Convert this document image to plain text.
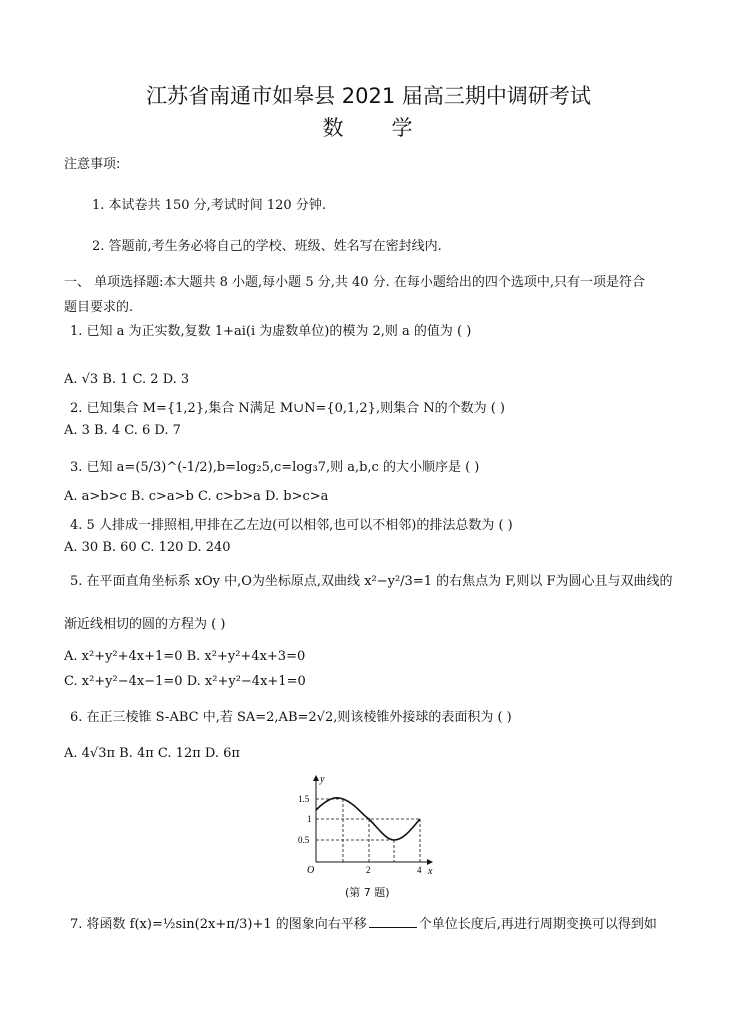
江苏省南通市如皋县 2021 届高三期中调研考试
数　　学
注意事项:
1. 本试卷共 150 分,考试时间 120 分钟.
2. 答题前,考生务必将自己的学校、班级、姓名写在密封线内.
一、 单项选择题:本大题共 8 小题,每小题 5 分,共 40 分. 在每小题给出的四个选项中,只有一项是符合
题目要求的.
1. 已知 a 为正实数,复数 1+ai(i 为虚数单位)的模为 2,则 a 的值为 ( )
A. √3 B. 1 C. 2 D. 3
2. 已知集合 M={1,2},集合 N满足 M∪N={0,1,2},则集合 N的个数为 ( )
A. 3 B. 4 C. 6 D. 7
3. 已知 a=(5/3)^(-1/2),b=log₂5,c=log₃7,则 a,b,c 的大小顺序是 ( )
A. a>b>c B. c>a>b C. c>b>a D. b>c>a
4. 5 人排成一排照相,甲排在乙左边(可以相邻,也可以不相邻)的排法总数为 ( )
A. 30 B. 60 C. 120 D. 240
5. 在平面直角坐标系 xOy 中,O为坐标原点,双曲线 x²−y²/3=1 的右焦点为 F,则以 F为圆心且与双曲线的
渐近线相切的圆的方程为 ( )
A. x²+y²+4x+1=0 B. x²+y²+4x+3=0
C. x²+y²−4x−1=0 D. x²+y²−4x+1=0
6. 在正三棱锥 S-ABC 中,若 SA=2,AB=2√2,则该棱锥外接球的表面积为 ( )
A. 4√3π B. 4π C. 12π D. 6π
y
x
O
1.5
1
0.5
2	4
(第 7 题)
7. 将函数 f(x)=½sin(2x+π/3)+1 的图象向右平移	个单位长度后,再进行周期变换可以得到如
